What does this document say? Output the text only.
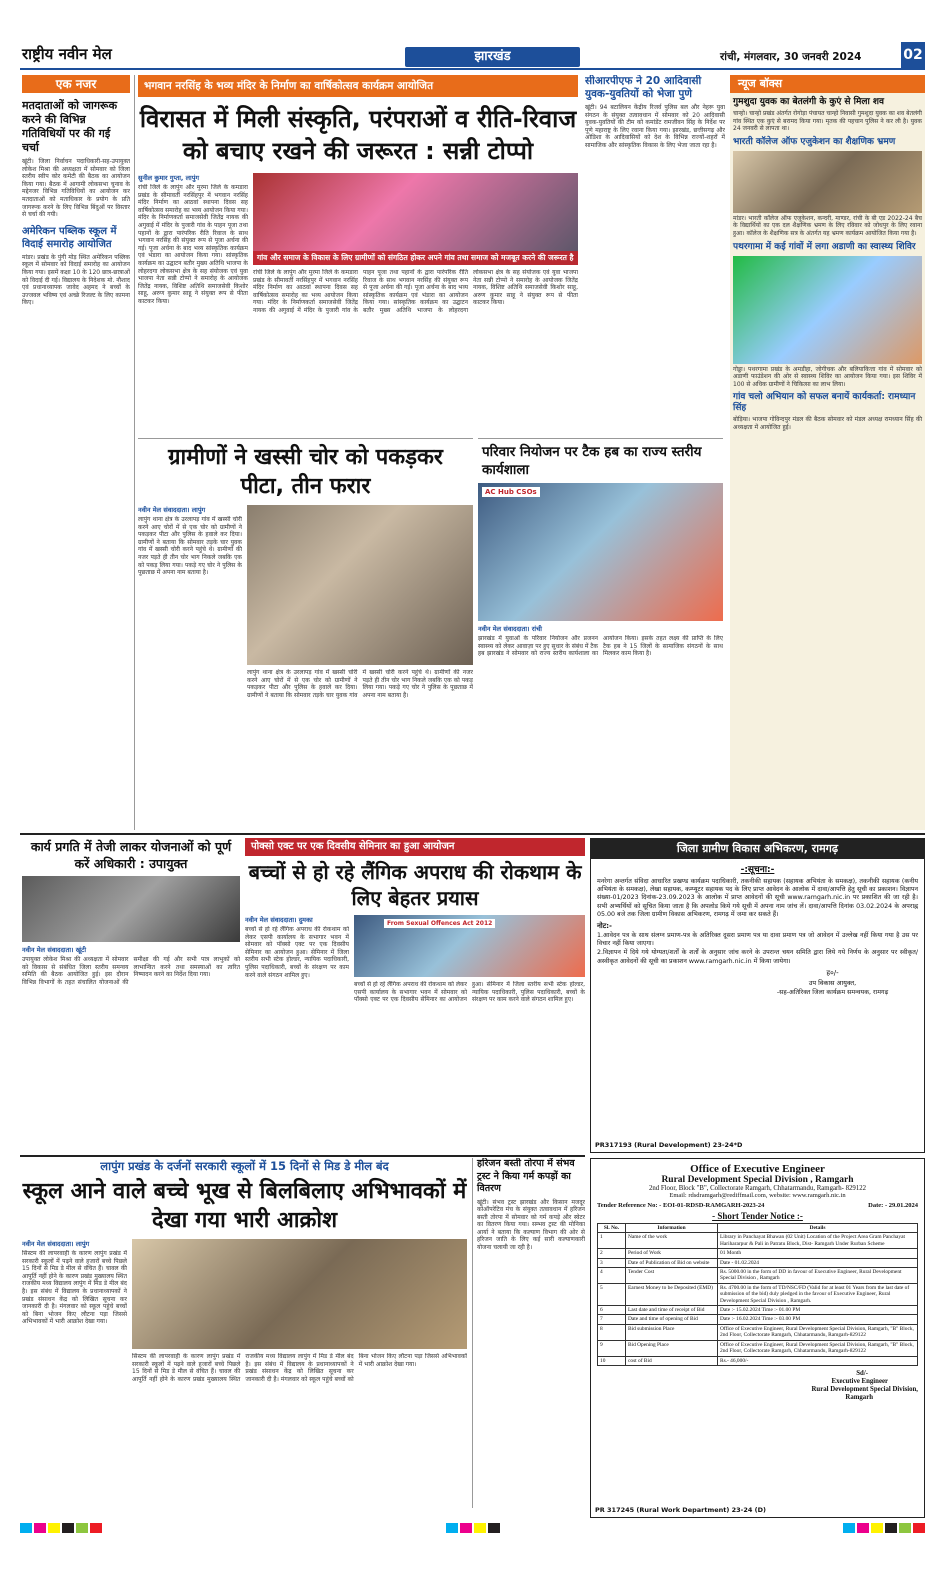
राष्ट्रीय नवीन मेल	झारखंड	रांची, मंगलवार, 30 जनवरी 2024	02
एक नजर
मतदाताओं को जागरूक करने की विभिन्न गतिविधियों पर की गई चर्चा
खूंटी। जिला निर्वाचन पदाधिकारी-सह-उपायुक्त लोकेश मिश्रा की अध्यक्षता में सोमवार को जिला स्तरीय स्वीप कोर कमेटी की बैठक का आयोजन किया गया। बैठक में आगामी लोकसभा चुनाव के मद्देनजर विभिन्न गतिविधियों का आयोजन कर मतदाताओं को मताधिकार के प्रयोग के प्रति जागरूक करने के लिए विभिन्न बिंदुओं पर विस्तार से चर्चा की गयी।
अमेरिकन पब्लिक स्कूल में विदाई समारोह आयोजित
मांडर। प्रखंड के पुंगी मोड़ स्थित अमेरिकन पब्लिक स्कूल में सोमवार को विदाई समारोह का आयोजन किया गया। इसमें कक्षा 10 के 120 छात्र-छात्राओं को विदाई दी गई। विद्यालय के निदेशक मो. नौशाद एवं प्रधानाध्यापक जावेद अहमद ने बच्चों के उज्जवल भविष्य एवं अच्छे रिजल्ट के लिए कामना किए।
भगवान नरसिंह के भव्य मंदिर के निर्माण का वार्षिकोत्सव कार्यक्रम आयोजित
विरासत में मिली संस्कृति, परंपराओं व रीति-रिवाज को बचाए रखने की जरूरत : सन्नी टोप्पो
सुनील कुमार गुप्ता, लापुंग
रांची जिले के लापुंग और मुरमा जिले के कमडारा प्रखंड के सीमावर्ती नरसिंहपुर में भगवान नरसिंह मंदिर निर्माण का आठवां स्थापना दिवस सह वार्षिकोत्सव समारोह का भव्य आयोजन किया गया। मंदिर के निर्माणकर्ता समाजसेवी जितेंद्र नायक की अगुवाई में मंदिर के पुजारी गांव के पाहन पूजा तथा पहानों के द्वारा पारंपरिक रीति रिवाज के साथ भगवान नरसिंह की संयुक्त रूप से पूजा अर्चना की गई। पूजा अर्चना के बाद भव्य सांस्कृतिक कार्यक्रम एवं भंडारा का आयोजन किया गया। सांस्कृतिक कार्यक्रम का उद्घाटन बतौर मुख्य अतिथि भाजपा के लोहरदगा लोकसभा क्षेत्र के सह संयोजक एवं युवा भाजपा नेता सन्नी टोप्पो ने समारोह के आयोजक जितेंद्र नायक, विशिष्ट अतिथि समाजसेवी किशोर साहू, अरुण कुमार साहू ने संयुक्त रूप से फीता काटकर किया।
गांव और समाज के विकास के लिए ग्रामीणों को संगठित होकर अपने गांव तथा समाज को मजबूत करने की जरूरत है
रांची जिले के लापुंग और मुरमा जिले के कमडारा प्रखंड के सीमावर्ती नरसिंहपुर में भगवान नरसिंह मंदिर निर्माण का आठवां स्थापना दिवस सह वार्षिकोत्सव समारोह का भव्य आयोजन किया गया। मंदिर के निर्माणकर्ता समाजसेवी जितेंद्र नायक की अगुवाई में मंदिर के पुजारी गांव के पाहन पूजा तथा पहानों के द्वारा पारंपरिक रीति रिवाज के साथ भगवान नरसिंह की संयुक्त रूप से पूजा अर्चना की गई। पूजा अर्चना के बाद भव्य सांस्कृतिक कार्यक्रम एवं भंडारा का आयोजन किया गया। सांस्कृतिक कार्यक्रम का उद्घाटन बतौर मुख्य अतिथि भाजपा के लोहरदगा लोकसभा क्षेत्र के सह संयोजक एवं युवा भाजपा नेता सन्नी टोप्पो ने समारोह के आयोजक जितेंद्र नायक, विशिष्ट अतिथि समाजसेवी किशोर साहू, अरुण कुमार साहू ने संयुक्त रूप से फीता काटकर किया।
सीआरपीएफ ने 20 आदिवासी युवक-युवतियों को भेजा पुणे
खूंटी। 94 बटालियन केंद्रीय रिजर्व पुलिस बल और नेहरू युवा संगठन के संयुक्त तत्वावधान में सोमवार को 20 आदिवासी युवक-युवतियों की टीम को कमांडेंट रामजीवन सिंह के निर्देश पर पुणे महाराष्ट्र के लिए रवाना किया गया। झारखंड, छत्तीसगढ़ और ओडिशा के आदिवासियों को देश के विभिन्न राज्यों-शहरों में सामाजिक और सांस्कृतिक विकास के लिए भेजा जाता रहा है।
न्यूज बॉक्स
गुमशुदा युवक का बेतलंगी के कुएं से मिला शव
चान्हो। चान्हो प्रखंड अंतर्गत रोगाेड़ा पंचायत चान्हो निवासी गुमशुदा युवक का शव बेतलंगी गांव स्थित एक कुएं से बरामद किया गया। मृतक की पहचान पुलिस ने कर ली है। युवक 24 जनवरी से लापता था।
भारती कॉलेज ऑफ एजुकेशन का शैक्षणिक भ्रमण
मांडर। भारती कॉलेज ऑफ एजुकेशन, कन्दरी, माण्डर, रांची के बी एड 2022-24 बैच के विद्यार्थियों का एक दल शैक्षणिक भ्रमण के लिए रविवार को जोधपुर के लिए रवाना हुआ। कॉलेज के शैक्षणिक सत्र के अंतर्गत यह भ्रमण कार्यक्रम आयोजित किया गया है।
पथरगामा में कई गांवों में लगा अडाणी का स्वास्थ्य शिविर
गोड्डा। पथरगामा प्रखंड के अमडीहा, जोगीचक और बलियाकित्ता गांव में सोमवार को अडाणी फाउंडेशन की ओर से स्वास्थ्य शिविर का आयोजन किया गया। इस शिविर में 100 से अधिक ग्रामीणों ने चिकित्सा का लाभ लिया।
गांव चलो अभियान को सफल बनायें कार्यकर्ता: रामध्यान सिंह
बोड़िया। भाजपा गोविन्दपुर मंडल की बैठक सोमवार को मंडल अध्यक्ष रामध्यान सिंह की अध्यक्षता में आयोजित हुई।
ग्रामीणों ने खस्सी चोर को पकड़कर पीटा, तीन फरार
नवीन मेल संवाददाता। लापुंग
लापुंग थाना क्षेत्र के उरलापड़ गांव में खस्सी चोरी करने आए चोरों में से एक चोर को ग्रामीणों ने पकड़कर पीटा और पुलिस के हवाले कर दिया। ग्रामीणों ने बताया कि सोमवार तड़के चार युवक गांव में खस्सी चोरी करने पहुंचे थे। ग्रामीणों की नजर पड़ते ही तीन चोर भाग निकले जबकि एक को पकड़ लिया गया। पकड़े गए चोर ने पुलिस के पूछताछ में अपना नाम बताया है।
लापुंग थाना क्षेत्र के उरलापड़ गांव में खस्सी चोरी करने आए चोरों में से एक चोर को ग्रामीणों ने पकड़कर पीटा और पुलिस के हवाले कर दिया। ग्रामीणों ने बताया कि सोमवार तड़के चार युवक गांव में खस्सी चोरी करने पहुंचे थे। ग्रामीणों की नजर पड़ते ही तीन चोर भाग निकले जबकि एक को पकड़ लिया गया। पकड़े गए चोर ने पुलिस के पूछताछ में अपना नाम बताया है।
परिवार नियोजन पर टैक हब का राज्य स्तरीय कार्यशाला
AC Hub CSOs
नवीन मेल संवाददाता। रांची
झारखंड में युवाओं के परिवार नियोजन और प्रजनन स्वास्थ्य को लेकर आवाज़ा पर हुए सुधार के संबंध में टैक हब झारखंड ने सोमवार को राज्य स्तरीय कार्यशाला का आयोजन किया। इसके तहत लक्ष्य की प्राप्ति के लिए टैक हब ने 15 जिलों के सामाजिक संगठनों के साथ मिलकर काम किया है।
कार्य प्रगति में तेजी लाकर योजनाओं को पूर्ण करें अधिकारी : उपायुक्त
नवीन मेल संवाददाता। खूंटी
उपायुक्त लोकेश मिश्रा की अध्यक्षता में सोमवार को विकास से संबंधित जिला स्तरीय समन्वय समिति की बैठक आयोजित हुई। इस दौरान विभिन्न विभागों के तहत संचालित योजनाओं की समीक्षा की गई और सभी पात्र लाभुकों को लाभान्वित करने तथा समस्याओं का त्वरित निष्पादन करने का निर्देश दिया गया।
पोक्सो एक्ट पर एक दिवसीय सेमिनार का हुआ आयोजन
बच्चों से हो रहे लैंगिक अपराध की रोकथाम के लिए बेहतर प्रयास
नवीन मेल संवाददाता। दुमका
बच्चों से हो रहे लैंगिक अपराध की रोकथाम को लेकर एसपी कार्यालय के सभागार भवन में सोमवार को पॉक्सो एक्ट पर एक दिवसीय सेमिनार का आयोजन हुआ। सेमिनार में जिला स्तरीय सभी स्टेक होल्डर, न्यायिक पदाधिकारी, पुलिस पदाधिकारी, बच्चों के संरक्षण पर काम करने वाले संगठन शामिल हुए।
From Sexual Offences Act 2012
बच्चों से हो रहे लैंगिक अपराध की रोकथाम को लेकर एसपी कार्यालय के सभागार भवन में सोमवार को पॉक्सो एक्ट पर एक दिवसीय सेमिनार का आयोजन हुआ। सेमिनार में जिला स्तरीय सभी स्टेक होल्डर, न्यायिक पदाधिकारी, पुलिस पदाधिकारी, बच्चों के संरक्षण पर काम करने वाले संगठन शामिल हुए।
जिला ग्रामीण विकास अभिकरण, रामगढ़
-:सूचना:-
मनरेगा अन्तर्गत संविदा आधारित प्रखण्ड कार्यक्रम पदाधिकारी, तकनीकी सहायक (सहायक अभियंता के समकक्ष), तकनीकी सहायक (कनीय अभियंता के समकक्ष), लेखा सहायक, कम्प्यूटर सहायक पद के लिए प्राप्त आवेदन के आलोक में दावा/आपत्ति हेतु सूची का प्रकाशन। विज्ञापन संख्या-01/2023 दिनांक-23.09.2023 के आलोक में प्राप्त आवेदनों की सूची www.ramgarh.nic.in पर प्रकाशित की जा रही है। सभी अभ्यर्थियों को सूचित किया जाता है कि अपलोड किये गये सूची में अपना नाम जांच लें। दावा/आपत्ति दिनांक 03.02.2024 के अपराह्न 05.00 बजे तक जिला ग्रामीण विकास अभिकरण, रामगढ़ में जमा कर सकते हैं।
नोट:-
1.आवेदन पत्र के साथ संलग्न प्रमाण-पत्र के अतिरिक्त दूसरा प्रमाण पत्र या दावा प्रमाण पत्र जो आवेदन में उल्लेख नहीं किया गया है उस पर विचार नहीं किया जाएगा।
2.विज्ञापन में दिये गये योग्यता/शर्तों के शर्तों के अनुसार जांच करने के उपरान्त चयन समिति द्वारा लिये गये निर्णय के अनुसार पर स्वीकृत/अस्वीकृत आवेदनों की सूची का प्रकाशन www.ramgarh.nic.in में किया जायेगा।
ह०/-
उप विकास आयुक्त,
-सह-अतिरिक्त जिला कार्यक्रम समन्वयक, रामगढ़
PR317193 (Rural Development) 23-24*D
लापुंग प्रखंड के दर्जनों सरकारी स्कूलों में 15 दिनों से मिड डे मील बंद
स्कूल आने वाले बच्चे भूख से बिलबिलाए अभिभावकों में देखा गया भारी आक्रोश
नवीन मेल संवाददाता। लापुंग
सिस्टम की लापरवाही के कारण लापुंग प्रखंड में सरकारी स्कूलों में पढ़ने वाले हजारों बच्चे पिछले 15 दिनों से मिड डे मील से वंचित हैं। चावल की आपूर्ति नहीं होने के कारण प्रखंड मुख्यालय स्थित राजकीय मध्य विद्यालय लापुंग में मिड डे मील बंद है। इस संबंध में विद्यालय के प्रधानाध्यापकों ने प्रखंड संसाधन केंद्र को लिखित सूचना कर जानकारी दी है। मंगलवार को स्कूल पहुंचे बच्चों को बिना भोजन किए लौटना पड़ा जिससे अभिभावकों में भारी आक्रोश देखा गया।
सिस्टम की लापरवाही के कारण लापुंग प्रखंड में सरकारी स्कूलों में पढ़ने वाले हजारों बच्चे पिछले 15 दिनों से मिड डे मील से वंचित हैं। चावल की आपूर्ति नहीं होने के कारण प्रखंड मुख्यालय स्थित राजकीय मध्य विद्यालय लापुंग में मिड डे मील बंद है। इस संबंध में विद्यालय के प्रधानाध्यापकों ने प्रखंड संसाधन केंद्र को लिखित सूचना कर जानकारी दी है। मंगलवार को स्कूल पहुंचे बच्चों को बिना भोजन किए लौटना पड़ा जिससे अभिभावकों में भारी आक्रोश देखा गया।
हरिजन बस्ती तोरपा में संभव ट्रस्ट ने किया गर्म कपड़ों का वितरण
खूंटी। संभव ट्रस्ट झारखंड और किसान मजदूर कोऑपरेटिव मंच के संयुक्त तत्वावधान में हरिजन बस्ती तोरपा में सोमवार को गर्म कपड़े और स्वेटर का वितरण किया गया। सम्भव ट्रस्ट की मोनिका आर्या ने बताया कि कल्याण विभाग की ओर से हरिजन जाति के लिए कई सारी कल्याणकारी योजना चलायी जा रही है।
Office of Executive Engineer
Rural Development Special Division , Ramgarh
2nd Floor, Block "B", Collectorate Ramgarh, Chhatarmandu, Ramgarh- 829122
Email: rdsdramgarh@rediffmail.com, website: www.ramgarh.nic.in
Tender Reference No: - EOI-01-RDSD-RAMGARH-2023-24	Date: - 29.01.2024
- Short Tender Notice :-
Sl. No.	Information	Details
1	Name of the work	Library in Panchayat Bhawan (02 Unit) Location of the Project Area Gram Panchayat Harihararpur & Pali in Patratu Block, Dist- Ramgarh Under Rurban Scheme
2	Period of Work	01 Month
3	Date of Publication of Bid on website	Date - 01.02.2024
4	Tender Cost	Rs. 5000.00 in the form of DD in favour of Executive Engineer, Rural Development Special Division , Ramgarh
5	Earnest Money to be Deposited (EMD)	Rs. 4700.00 in the form of TD/NSC/FD (Valid for at least 01 Years from the last date of submission of the bid) duly pledged in the favour of Executive Engineer, Rural Development Special Division , Ramgarh.
6	Last date and time of receipt of Bid	Date :- 15.02.2024 Time :- 01.00 PM
7	Date and time of opening of Bid	Date :- 16.02.2024 Time :- 03.00 PM
8	Bid submission Place	Office of Executive Engineer, Rural Development Special Division, Ramgarh, "B" Block, 2nd Floor, Collectorate Ramgarh, Chhatarmandu, Ramgarh-829122
9	Bid Opening Place	Office of Executive Engineer, Rural Development Special Division, Ramgarh, "B" Block, 2nd Floor, Collectorate Ramgarh, Chhatarmandu, Ramgarh-829122
10	cost of Bid	Rs.- 46,000/-
Sd/-
Executive Engineer
Rural Development Special Division,
Ramgarh
PR 317245 (Rural Work Department) 23-24 (D)
